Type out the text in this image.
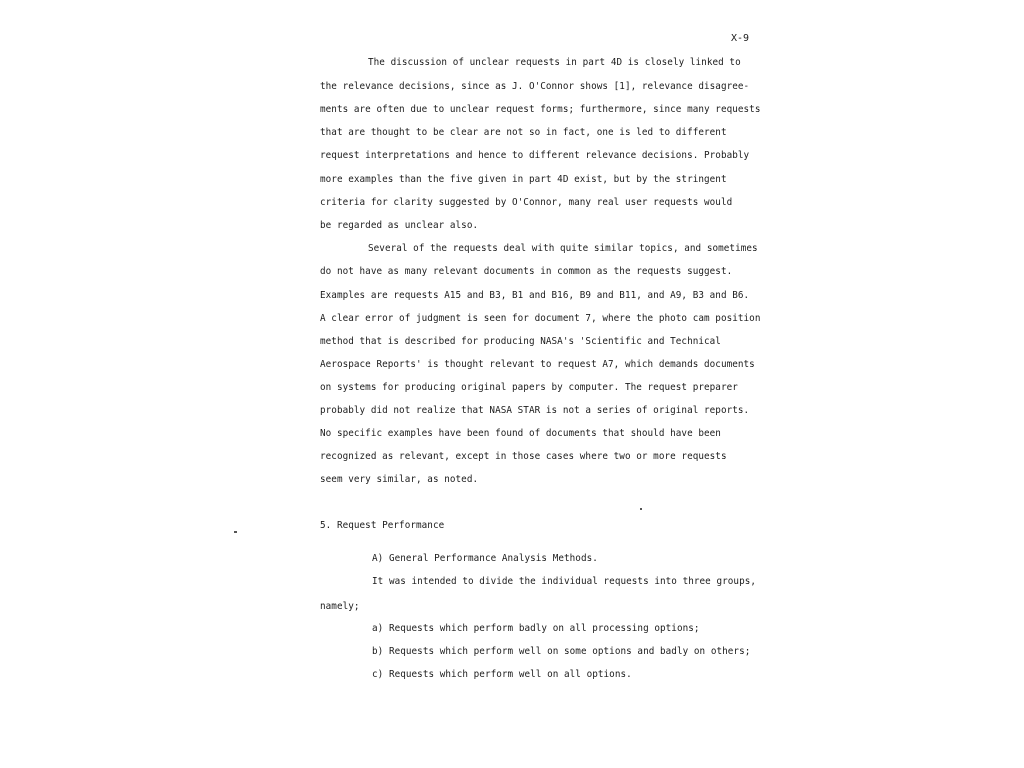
X-9
The discussion of unclear requests in part 4D is closely linked to
the relevance decisions, since as J. O'Connor shows [1], relevance disagree-
ments are often due to unclear request forms; furthermore, since many requests
that are thought to be clear are not so in fact, one is led to different
request interpretations and hence to different relevance decisions. Probably
more examples than the five given in part 4D exist, but by the stringent
criteria for clarity suggested by O'Connor, many real user requests would
be regarded as unclear also.
Several of the requests deal with quite similar topics, and sometimes
do not have as many relevant documents in common as the requests suggest.
Examples are requests A15 and B3, B1 and B16, B9 and B11, and A9, B3 and B6.
A clear error of judgment is seen for document 7, where the photo cam position
method that is described for producing NASA's 'Scientific and Technical
Aerospace Reports' is thought relevant to request A7, which demands documents
on systems for producing original papers by computer. The request preparer
probably did not realize that NASA STAR is not a series of original reports.
No specific examples have been found of documents that should have been
recognized as relevant, except in those cases where two or more requests
seem very similar, as noted.
5. Request Performance
A) General Performance Analysis Methods.
It was intended to divide the individual requests into three groups,
namely;
a) Requests which perform badly on all processing options;
b) Requests which perform well on some options and badly on others;
c) Requests which perform well on all options.
